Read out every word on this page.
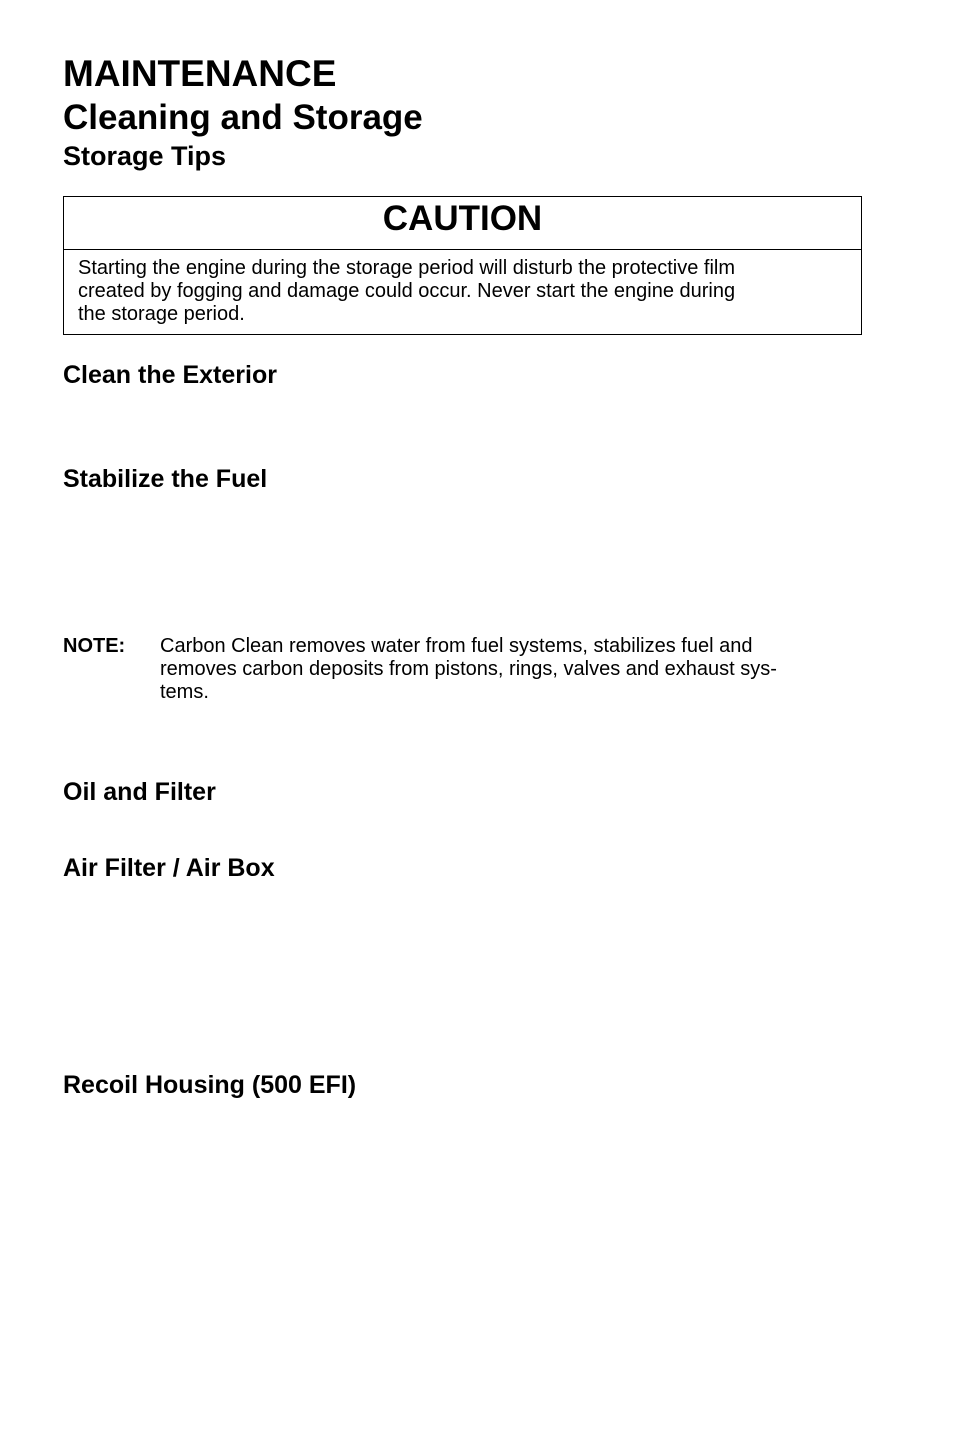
MAINTENANCE
Cleaning and Storage
Storage Tips
CAUTION
Starting the engine during the storage period will disturb the protective film
created by fogging and damage could occur. Never start the engine during
the storage period.
Clean the Exterior
Stabilize the Fuel
NOTE: Carbon Clean removes water from fuel systems, stabilizes fuel and
removes carbon deposits from pistons, rings, valves and exhaust sys-
tems.
Oil and Filter
Air Filter / Air Box
Recoil Housing (500 EFI)
